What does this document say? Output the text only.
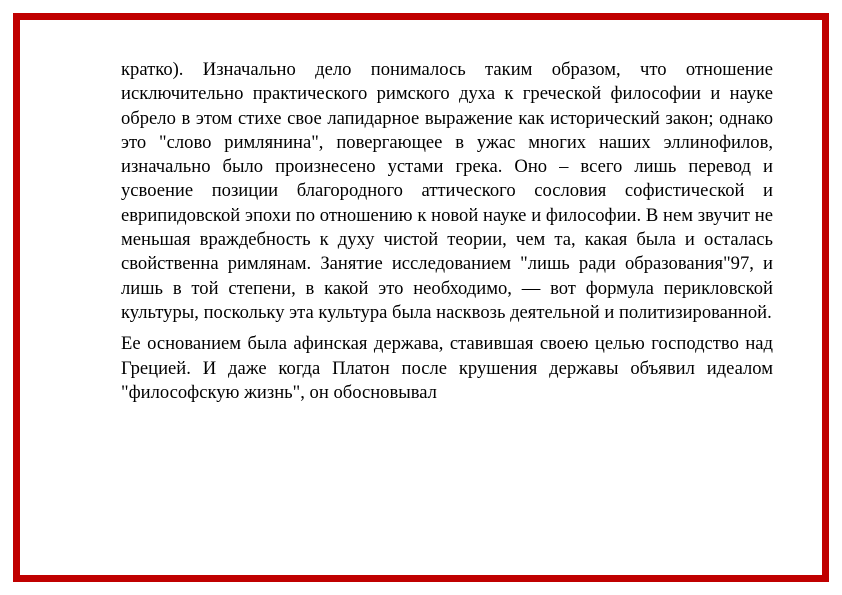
кратко). Изначально дело понималось таким образом, что отношение исключительно практического римского духа к греческой философии и науке обрело в этом стихе свое лапидарное выражение как исторический закон; однако это "слово римлянина", повергающее в ужас многих наших эллинофилов, изначально было произнесено устами грека. Оно – всего лишь перевод и усвоение позиции благородного аттического сословия софистической и еврипидовской эпохи по отношению к новой науке и философии. В нем звучит не меньшая враждебность к духу чистой теории, чем та, какая была и осталась свойственна римлянам. Занятие исследованием "лишь ради образования"97, и лишь в той степени, в какой это необходимо, — вот формула перикловской культуры, поскольку эта культура была насквозь деятельной и политизированной.

Ее основанием была афинская держава, ставившая своею целью господство над Грецией. И даже когда Платон после крушения державы объявил идеалом "философскую жизнь", он обосновывал
